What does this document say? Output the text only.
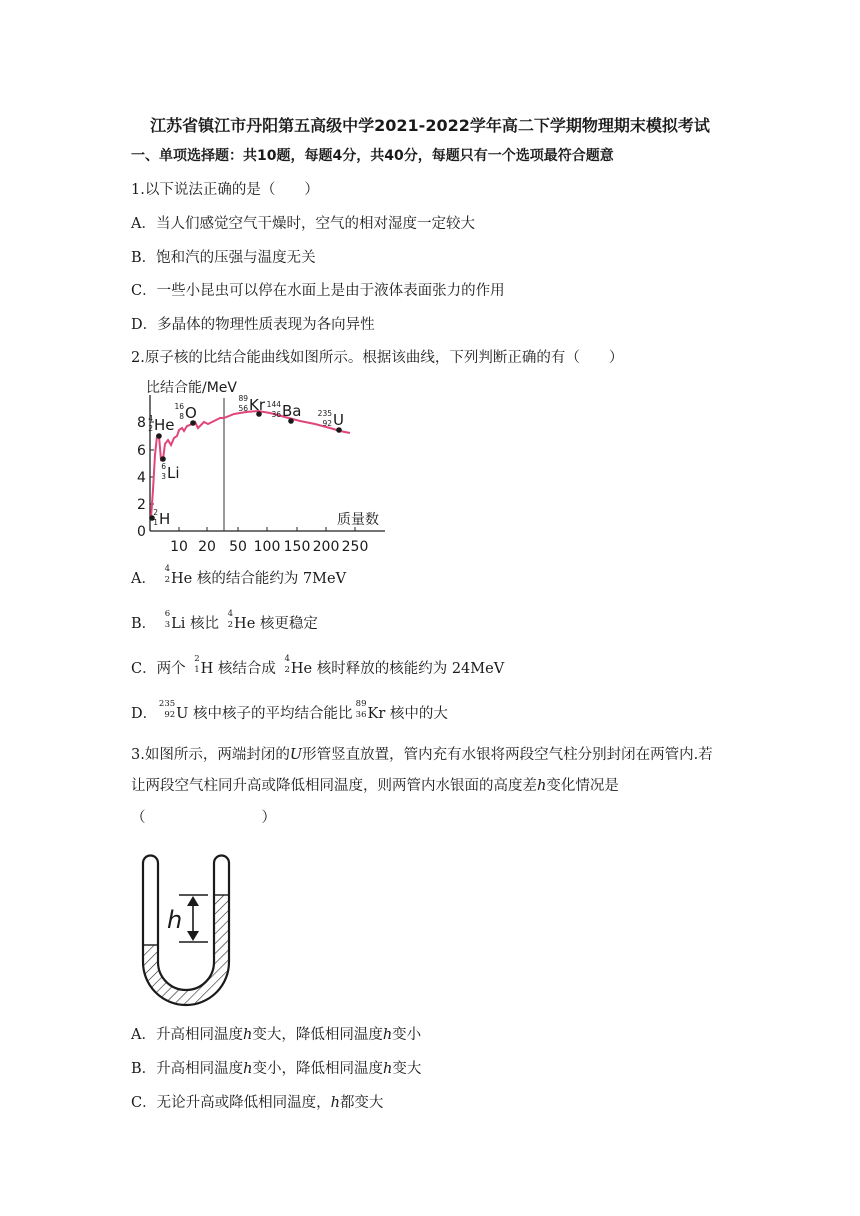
江苏省镇江市丹阳第五高级中学2021-2022学年高二下学期物理期末模拟考试
一、单项选择题：共10题，每题4分，共40分，每题只有一个选项最符合题意
1.以下说法正确的是（　　）
A．当人们感觉空气干燥时，空气的相对湿度一定较大
B．饱和汽的压强与温度无关
C．一些小昆虫可以停在水面上是由于液体表面张力的作用
D．多晶体的物理性质表现为各向异性
2.原子核的比结合能曲线如图所示。根据该曲线，下列判断正确的有（　　）
比结合能/MeV
质量数
0
2
4
6
8
10 20 50 100 150 200 250
2
1 H
6
3 Li
4
2 He
16
8 O
89
56 Kr 144
36 Ba 235
92 U
A．
4
2 He 核的结合能约为 7MeV
B．
6
3 Li 核比
4
2 He 核更稳定
C．两个
2
1 H 核结合成
4
2 He 核时释放的核能约为 24MeV
D．
235
92 U 核中核子的平均结合能比
89
36 Kr 核中的大
3.如图所示，两端封闭的U形管竖直放置，管内充有水银将两段空气柱分别封闭在两管内.若
让两段空气柱同升高或降低相同温度，则两管内水银面的高度差h变化情况是
（　　　　　　　　）
h
A．升高相同温度h变大，降低相同温度h变小
B．升高相同温度h变小，降低相同温度h变大
C．无论升高或降低相同温度，h都变大
